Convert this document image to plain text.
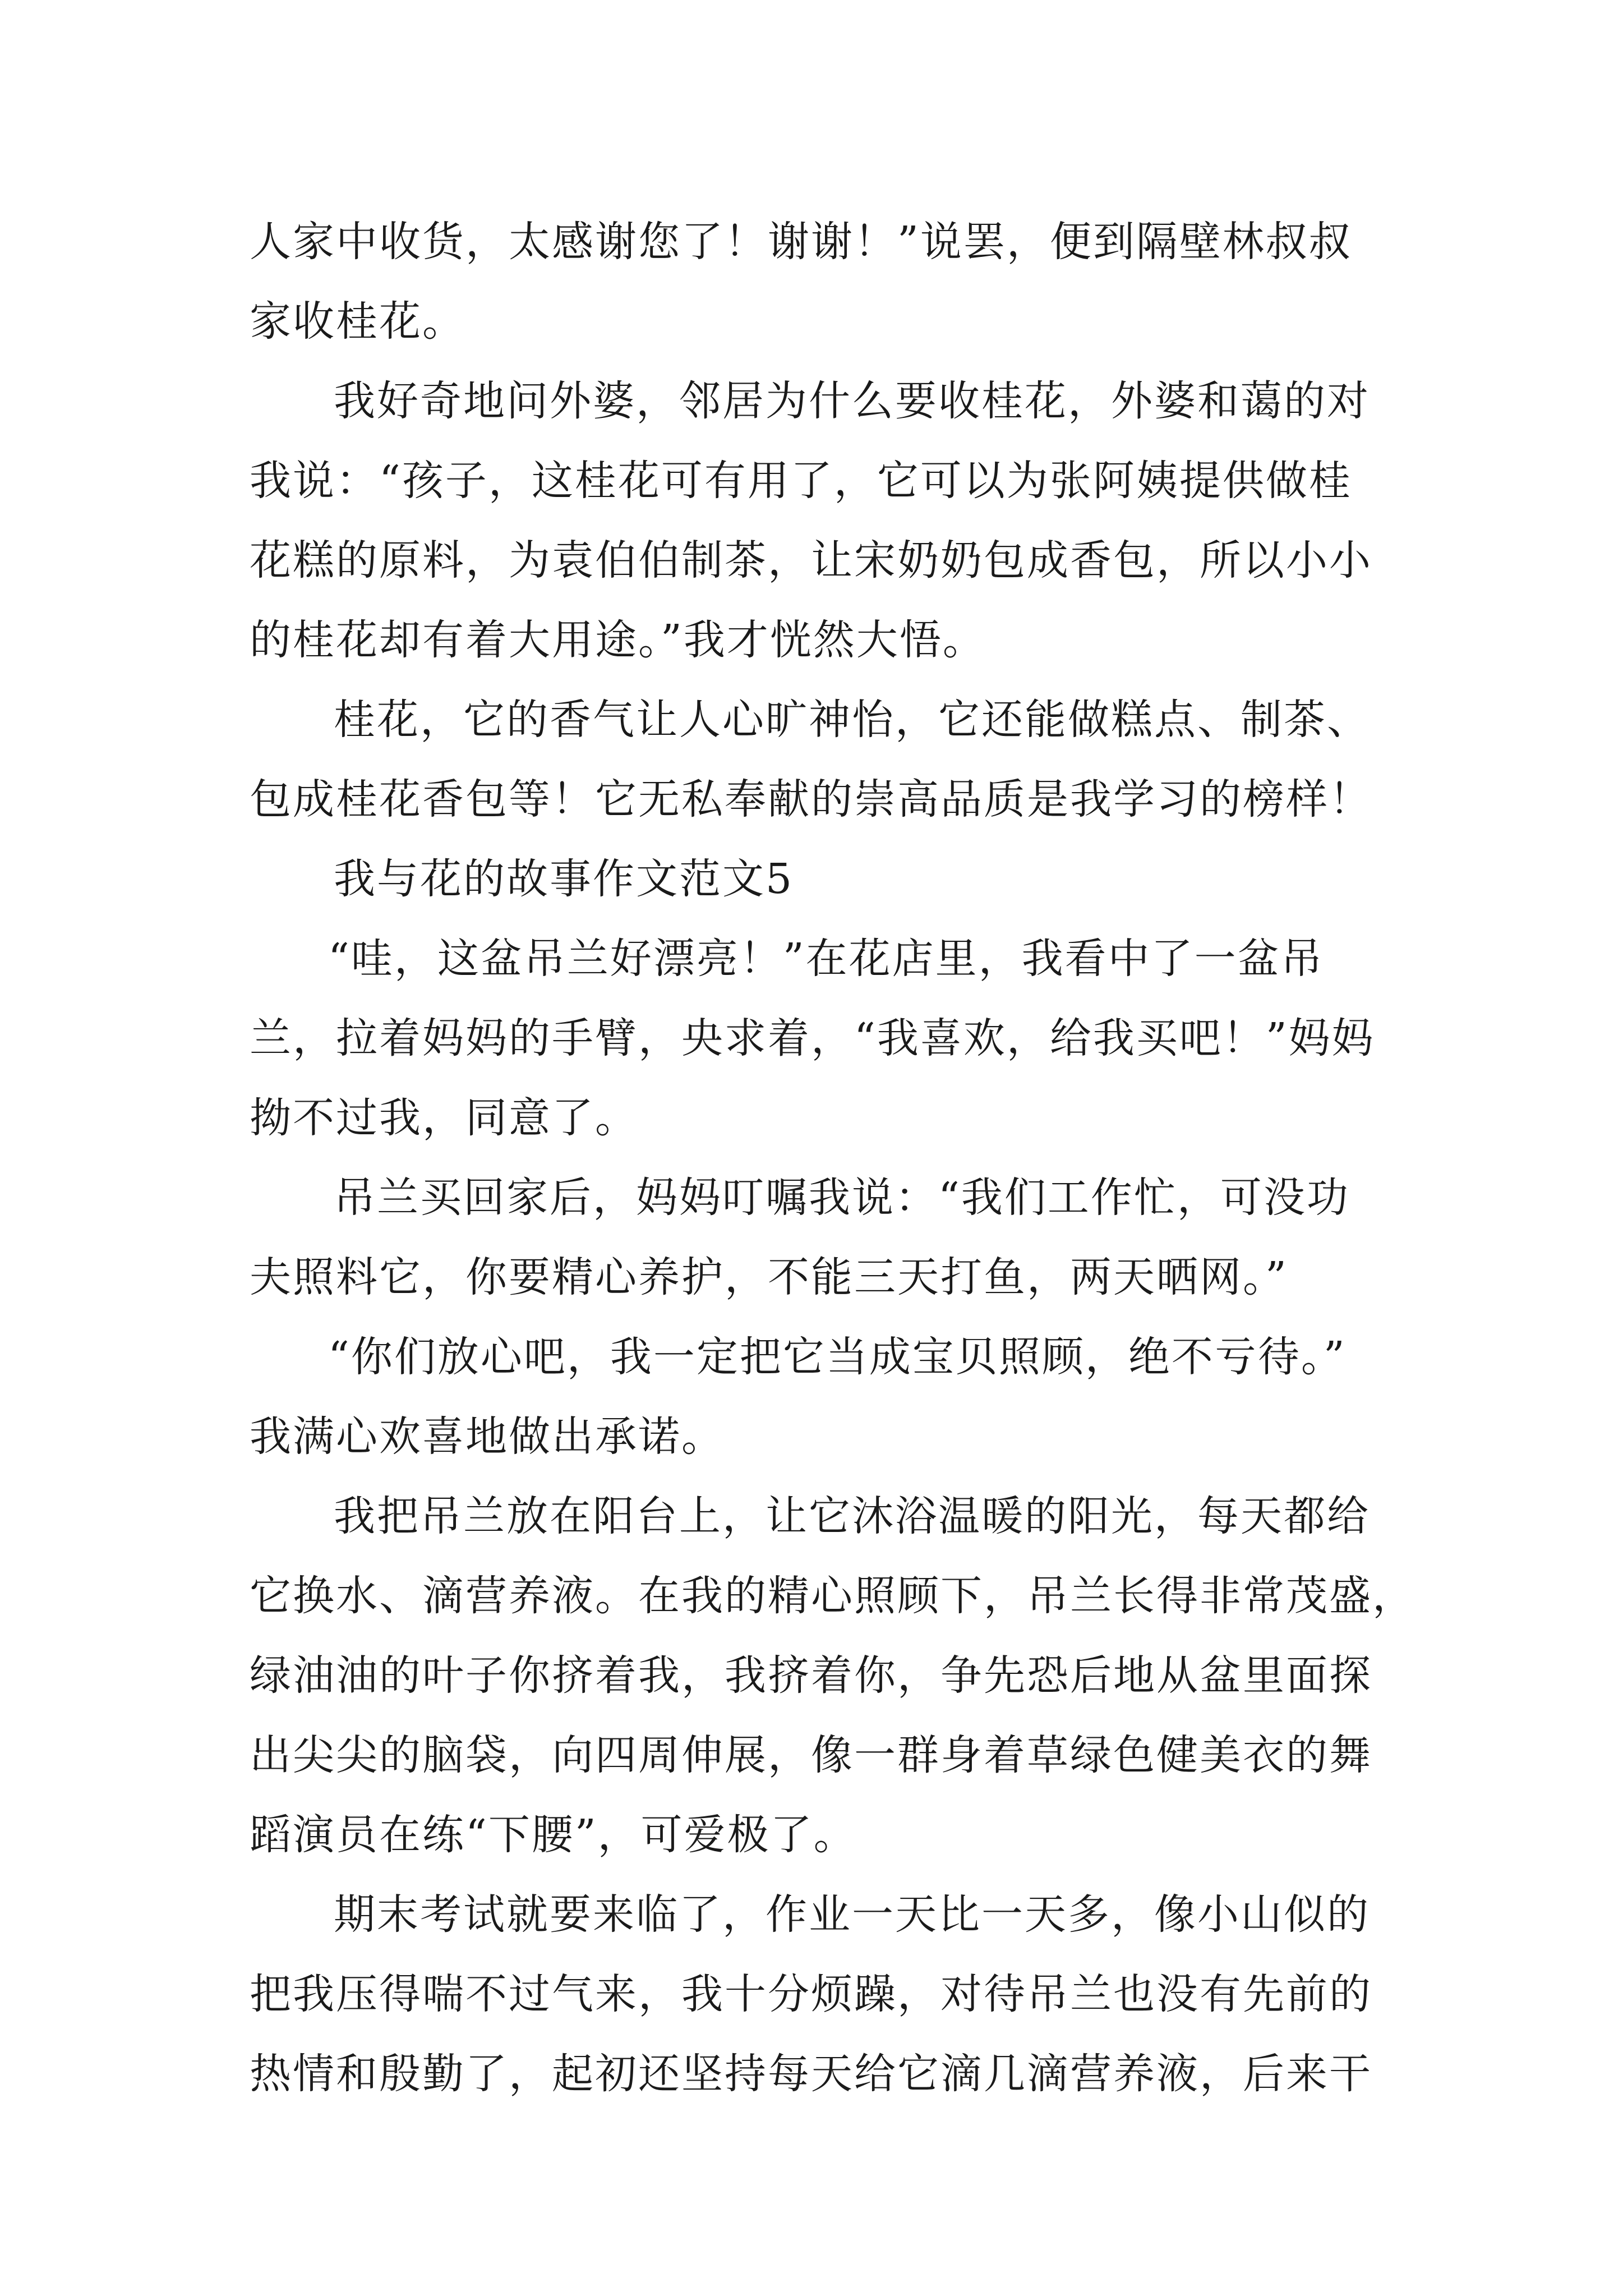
人家中收货，太感谢您了！谢谢！”说罢，便到隔壁林叔叔
家收桂花。
我好奇地问外婆，邻居为什么要收桂花，外婆和蔼的对
我说：“孩子，这桂花可有用了，它可以为张阿姨提供做桂
花糕的原料，为袁伯伯制茶，让宋奶奶包成香包，所以小小
的桂花却有着大用途。”我才恍然大悟。
桂花，它的香气让人心旷神怡，它还能做糕点、制茶、
包成桂花香包等！它无私奉献的崇高品质是我学习的榜样！
我与花的故事作文范文5
“哇，这盆吊兰好漂亮！”在花店里，我看中了一盆吊
兰，拉着妈妈的手臂，央求着，“我喜欢，给我买吧！”妈妈
拗不过我，同意了。
吊兰买回家后，妈妈叮嘱我说：“我们工作忙，可没功
夫照料它，你要精心养护，不能三天打鱼，两天晒网。”
“你们放心吧，我一定把它当成宝贝照顾，绝不亏待。”
我满心欢喜地做出承诺。
我把吊兰放在阳台上，让它沐浴温暖的阳光，每天都给
它换水、滴营养液。在我的精心照顾下，吊兰长得非常茂盛，
绿油油的叶子你挤着我，我挤着你，争先恐后地从盆里面探
出尖尖的脑袋，向四周伸展，像一群身着草绿色健美衣的舞
蹈演员在练“下腰”，可爱极了。
期末考试就要来临了，作业一天比一天多，像小山似的
把我压得喘不过气来，我十分烦躁，对待吊兰也没有先前的
热情和殷勤了，起初还坚持每天给它滴几滴营养液，后来干
